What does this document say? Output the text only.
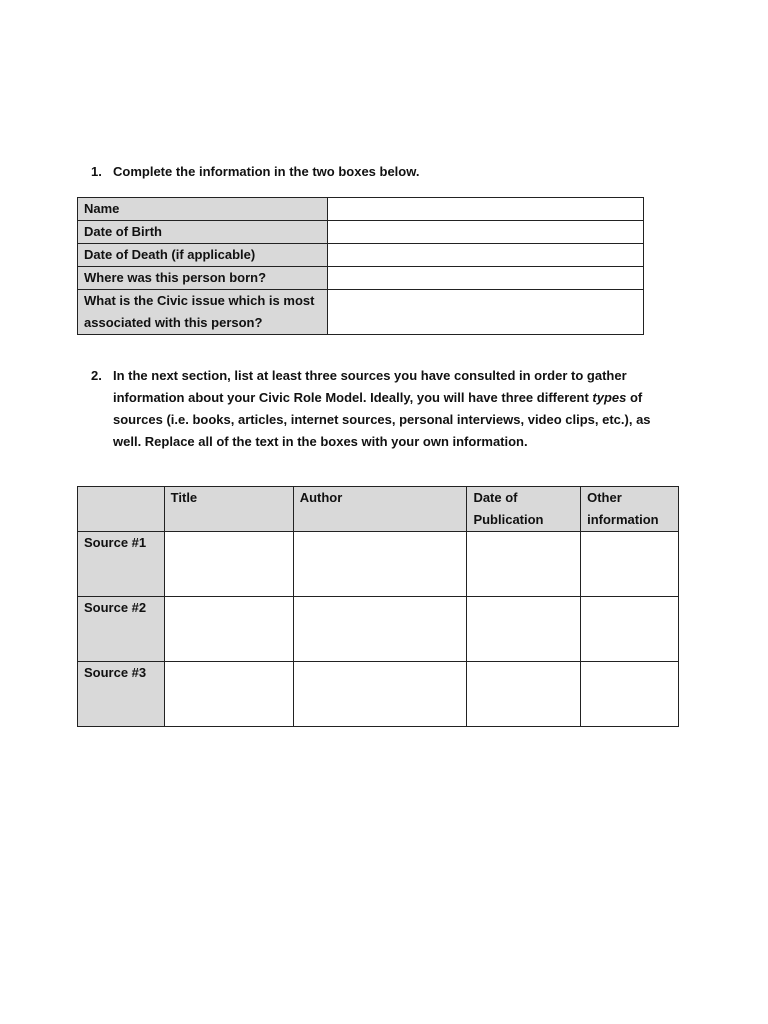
1. Complete the information in the two boxes below.
Name	
Date of Birth	
Date of Death (if applicable)	
Where was this person born?	
What is the Civic issue which is most associated with this person?	
2. In the next section, list at least three sources you have consulted in order to gather information about your Civic Role Model. Ideally, you will have three different types of sources (i.e. books, articles, internet sources, personal interviews, video clips, etc.), as well. Replace all of the text in the boxes with your own information.
	Title	Author	Date of Publication	Other information
Source #1				
Source #2				
Source #3				
